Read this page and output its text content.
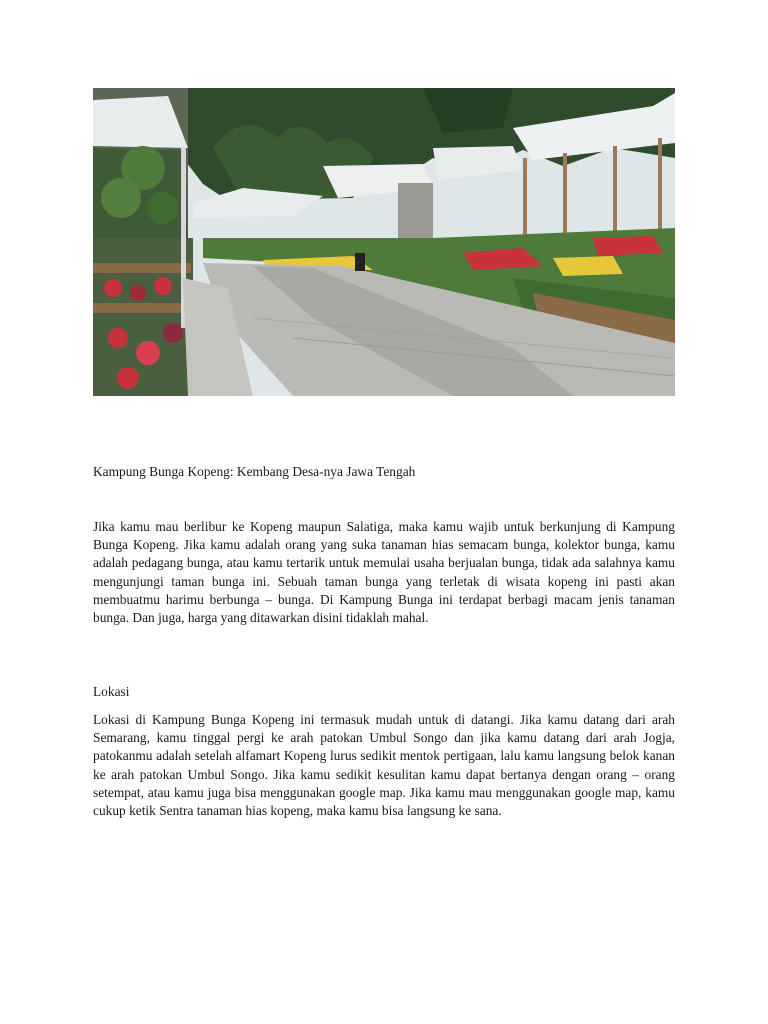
Kampung Bunga Kopeng: Kembang Desa-nya Jawa Tengah

Jika kamu mau berlibur ke Kopeng maupun Salatiga, maka kamu wajib untuk berkunjung di Kampung Bunga Kopeng. Jika kamu adalah orang yang suka tanaman hias semacam bunga, kolektor bunga, kamu adalah pedagang bunga, atau kamu tertarik untuk memulai usaha berjualan bunga, tidak ada salahnya kamu mengunjungi taman bunga ini. Sebuah taman bunga yang terletak di wisata kopeng ini pasti akan membuatmu harimu berbunga – bunga. Di Kampung Bunga ini terdapat berbagi macam jenis tanaman bunga. Dan juga, harga yang ditawarkan disini tidaklah mahal.

Lokasi

Lokasi di Kampung Bunga Kopeng ini termasuk mudah untuk di datangi. Jika kamu datang dari arah Semarang, kamu tinggal pergi ke arah patokan Umbul Songo dan jika kamu datang dari arah Jogja, patokanmu adalah setelah alfamart Kopeng lurus sedikit mentok pertigaan, lalu kamu langsung belok kanan ke arah patokan Umbul Songo. Jika kamu sedikit kesulitan kamu dapat bertanya dengan orang – orang setempat, atau kamu juga bisa menggunakan google map. Jika kamu mau menggunakan google map, kamu cukup ketik Sentra tanaman hias kopeng, maka kamu bisa langsung ke sana.
